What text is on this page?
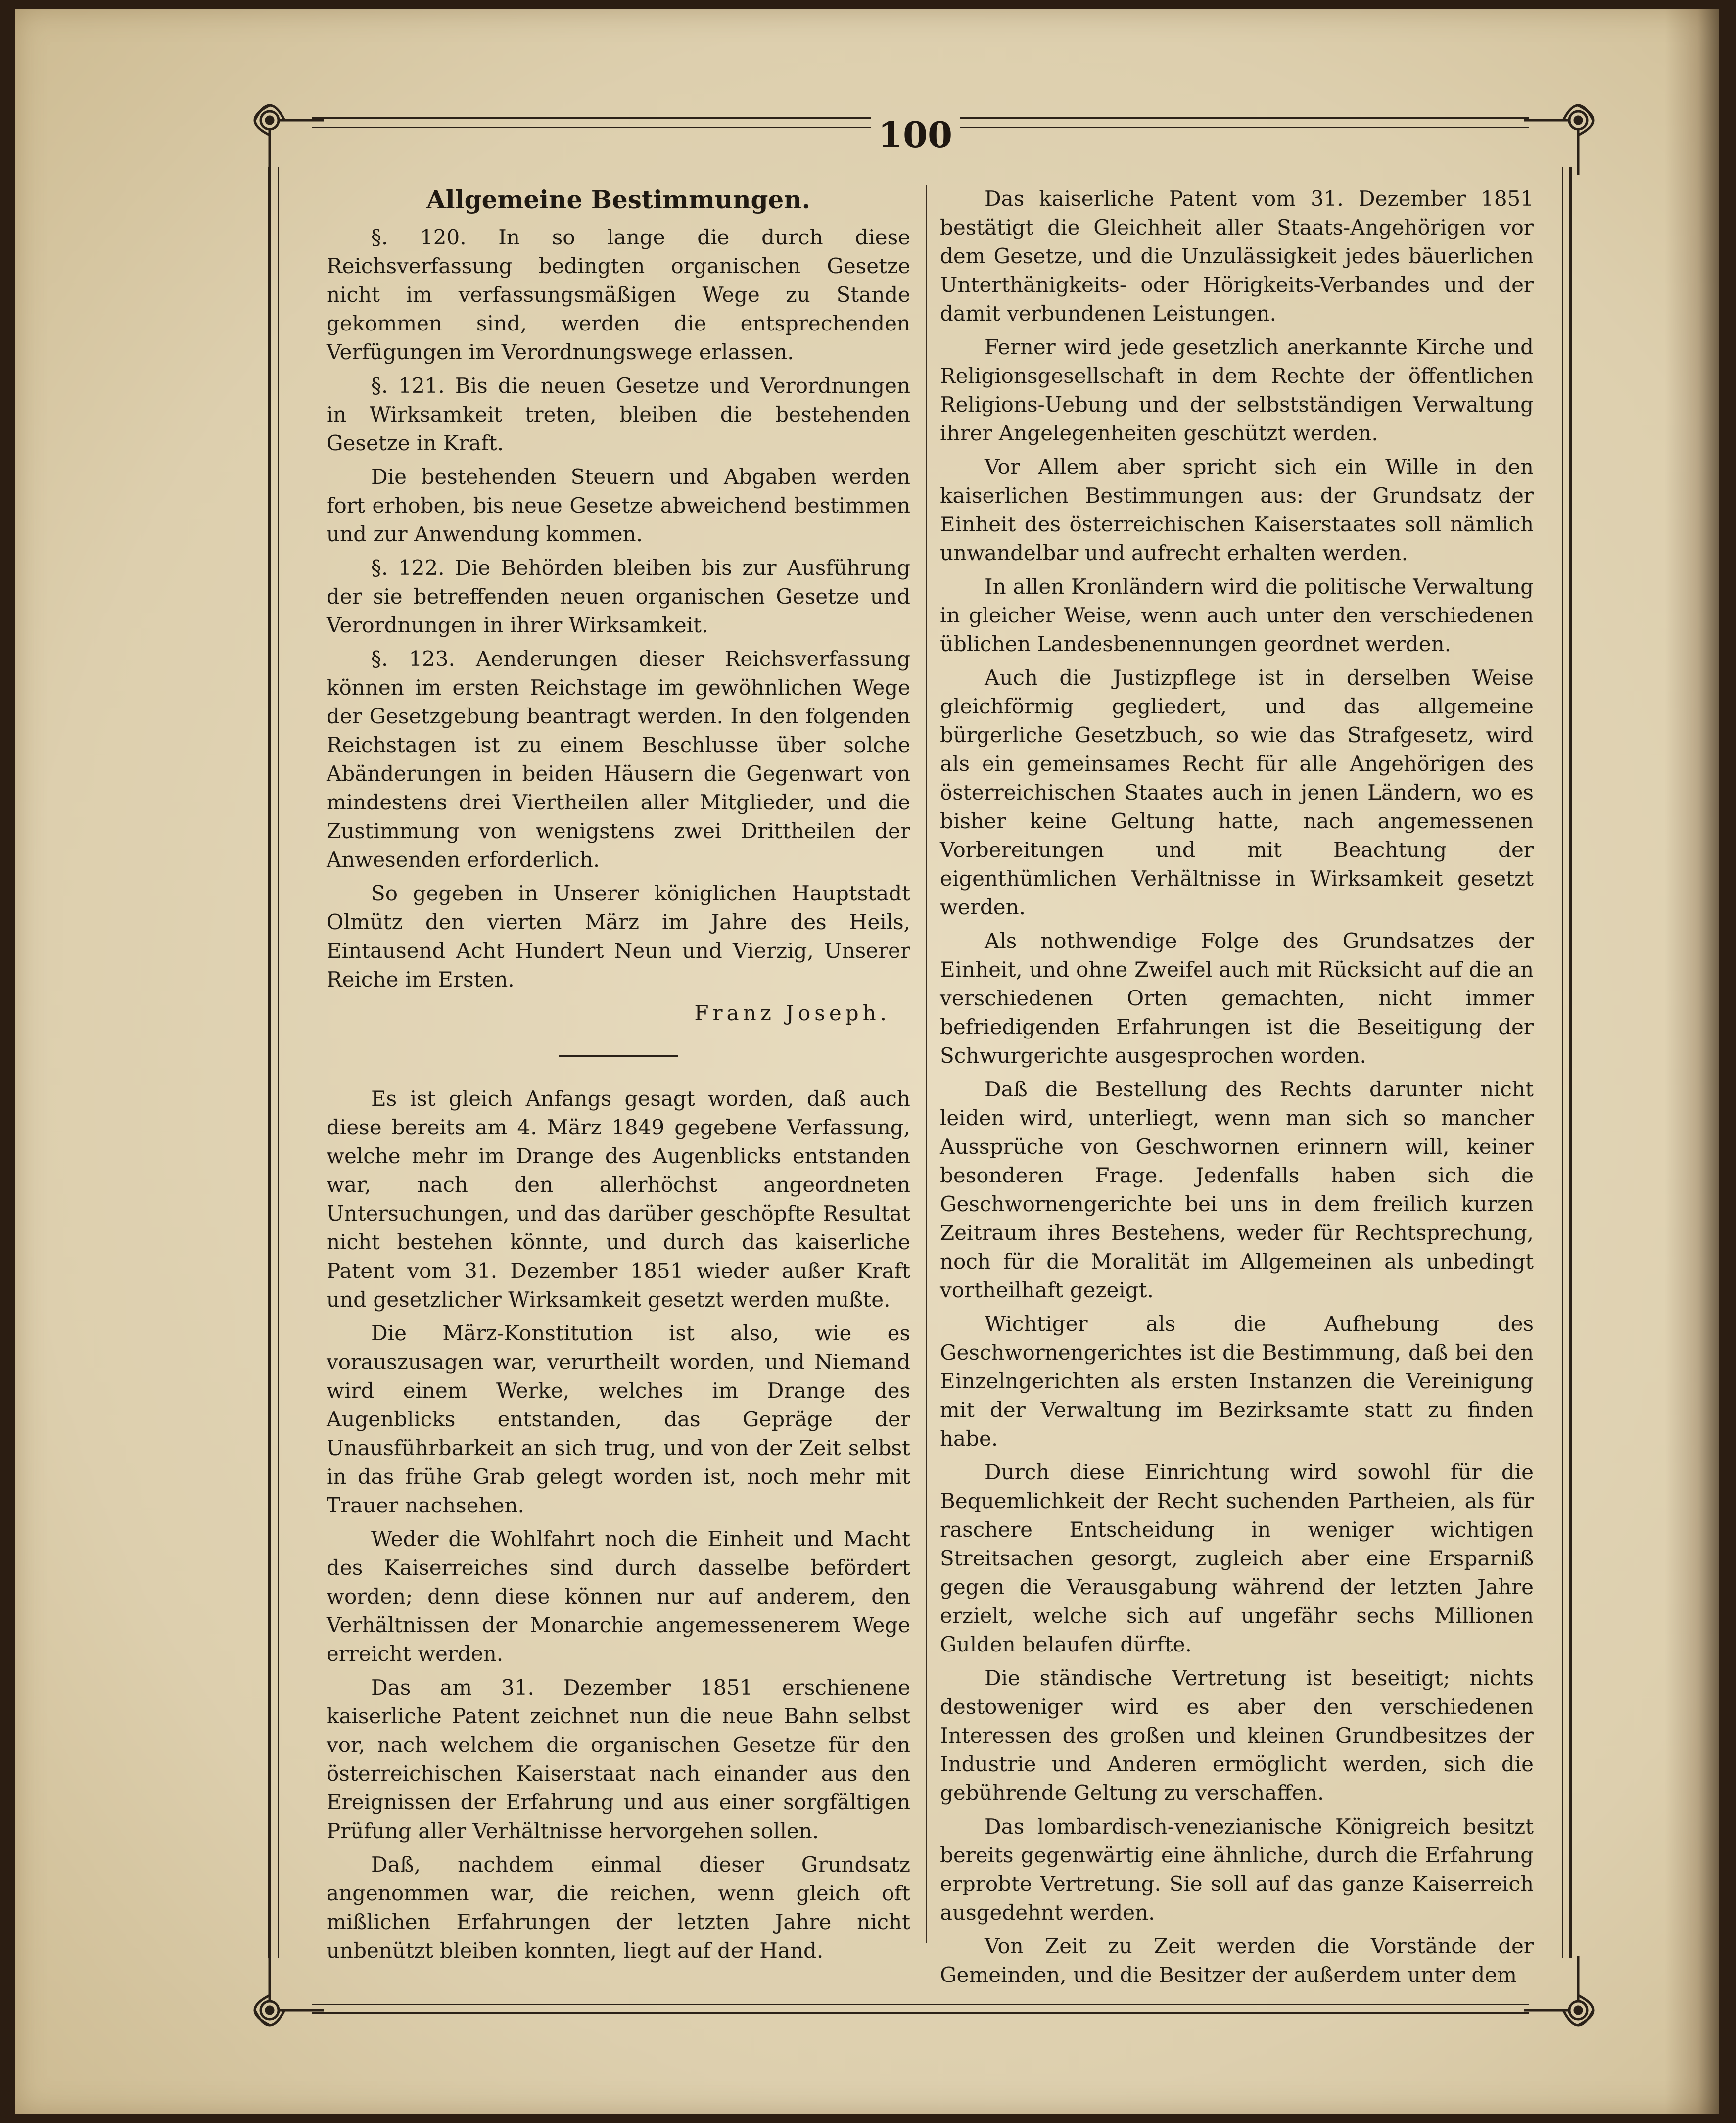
100
Allgemeine Bestimmungen.

§. 120. In so lange die durch diese Reichsverfassung bedingten organischen Gesetze nicht im verfassungsmäßigen Wege zu Stande gekommen sind, werden die entsprechenden Verfügungen im Verordnungswege erlassen.

§. 121. Bis die neuen Gesetze und Verordnungen in Wirksamkeit treten, bleiben die bestehenden Gesetze in Kraft.

Die bestehenden Steuern und Abgaben werden fort erhoben, bis neue Gesetze abweichend bestimmen und zur Anwendung kommen.

§. 122. Die Behörden bleiben bis zur Ausführung der sie betreffenden neuen organischen Gesetze und Verordnungen in ihrer Wirksamkeit.

§. 123. Aenderungen dieser Reichsverfassung können im ersten Reichstage im gewöhnlichen Wege der Gesetzgebung beantragt werden. In den folgenden Reichstagen ist zu einem Beschlusse über solche Abänderungen in beiden Häusern die Gegenwart von mindestens drei Viertheilen aller Mitglieder, und die Zustimmung von wenigstens zwei Drittheilen der Anwesenden erforderlich.

So gegeben in Unserer königlichen Hauptstadt Olmütz den vierten März im Jahre des Heils, Eintausend Acht Hundert Neun und Vierzig, Unserer Reiche im Ersten.

Franz Joseph.

Es ist gleich Anfangs gesagt worden, daß auch diese bereits am 4. März 1849 gegebene Verfassung, welche mehr im Drange des Augenblicks entstanden war, nach den allerhöchst angeordneten Untersuchungen, und das darüber geschöpfte Resultat nicht bestehen könnte, und durch das kaiserliche Patent vom 31. Dezember 1851 wieder außer Kraft und gesetzlicher Wirksamkeit gesetzt werden mußte.

Die März-Konstitution ist also, wie es vorauszusagen war, verurtheilt worden, und Niemand wird einem Werke, welches im Drange des Augenblicks entstanden, das Gepräge der Unausführbarkeit an sich trug, und von der Zeit selbst in das frühe Grab gelegt worden ist, noch mehr mit Trauer nachsehen.

Weder die Wohlfahrt noch die Einheit und Macht des Kaiserreiches sind durch dasselbe befördert worden; denn diese können nur auf anderem, den Verhältnissen der Monarchie angemessenerem Wege erreicht werden.

Das am 31. Dezember 1851 erschienene kaiserliche Patent zeichnet nun die neue Bahn selbst vor, nach welchem die organischen Gesetze für den österreichischen Kaiserstaat nach einander aus den Ereignissen der Erfahrung und aus einer sorgfältigen Prüfung aller Verhältnisse hervorgehen sollen.

Daß, nachdem einmal dieser Grundsatz angenommen war, die reichen, wenn gleich oft mißlichen Erfahrungen der letzten Jahre nicht unbenützt bleiben konnten, liegt auf der Hand.

Das kaiserliche Patent vom 31. Dezember 1851 bestätigt die Gleichheit aller Staats-Angehörigen vor dem Gesetze, und die Unzulässigkeit jedes bäuerlichen Unterthänigkeits- oder Hörigkeits-Verbandes und der damit verbundenen Leistungen.

Ferner wird jede gesetzlich anerkannte Kirche und Religionsgesellschaft in dem Rechte der öffentlichen Religions-Uebung und der selbstständigen Verwaltung ihrer Angelegenheiten geschützt werden.

Vor Allem aber spricht sich ein Wille in den kaiserlichen Bestimmungen aus: der Grundsatz der Einheit des österreichischen Kaiserstaates soll nämlich unwandelbar und aufrecht erhalten werden.

In allen Kronländern wird die politische Verwaltung in gleicher Weise, wenn auch unter den verschiedenen üblichen Landesbenennungen geordnet werden.

Auch die Justizpflege ist in derselben Weise gleichförmig gegliedert, und das allgemeine bürgerliche Gesetzbuch, so wie das Strafgesetz, wird als ein gemeinsames Recht für alle Angehörigen des österreichischen Staates auch in jenen Ländern, wo es bisher keine Geltung hatte, nach angemessenen Vorbereitungen und mit Beachtung der eigenthümlichen Verhältnisse in Wirksamkeit gesetzt werden.

Als nothwendige Folge des Grundsatzes der Einheit, und ohne Zweifel auch mit Rücksicht auf die an verschiedenen Orten gemachten, nicht immer befriedigenden Erfahrungen ist die Beseitigung der Schwurgerichte ausgesprochen worden.

Daß die Bestellung des Rechts darunter nicht leiden wird, unterliegt, wenn man sich so mancher Aussprüche von Geschwornen erinnern will, keiner besonderen Frage. Jedenfalls haben sich die Geschwornengerichte bei uns in dem freilich kurzen Zeitraum ihres Bestehens, weder für Rechtsprechung, noch für die Moralität im Allgemeinen als unbedingt vortheilhaft gezeigt.

Wichtiger als die Aufhebung des Geschwornengerichtes ist die Bestimmung, daß bei den Einzelngerichten als ersten Instanzen die Vereinigung mit der Verwaltung im Bezirksamte statt zu finden habe.

Durch diese Einrichtung wird sowohl für die Bequemlichkeit der Recht suchenden Partheien, als für raschere Entscheidung in weniger wichtigen Streitsachen gesorgt, zugleich aber eine Ersparniß gegen die Verausgabung während der letzten Jahre erzielt, welche sich auf ungefähr sechs Millionen Gulden belaufen dürfte.

Die ständische Vertretung ist beseitigt; nichts destoweniger wird es aber den verschiedenen Interessen des großen und kleinen Grundbesitzes der Industrie und Anderen ermöglicht werden, sich die gebührende Geltung zu verschaffen.

Das lombardisch-venezianische Königreich besitzt bereits gegenwärtig eine ähnliche, durch die Erfahrung erprobte Vertretung. Sie soll auf das ganze Kaiserreich ausgedehnt werden.

Von Zeit zu Zeit werden die Vorstände der Gemeinden, und die Besitzer der außerdem unter dem
